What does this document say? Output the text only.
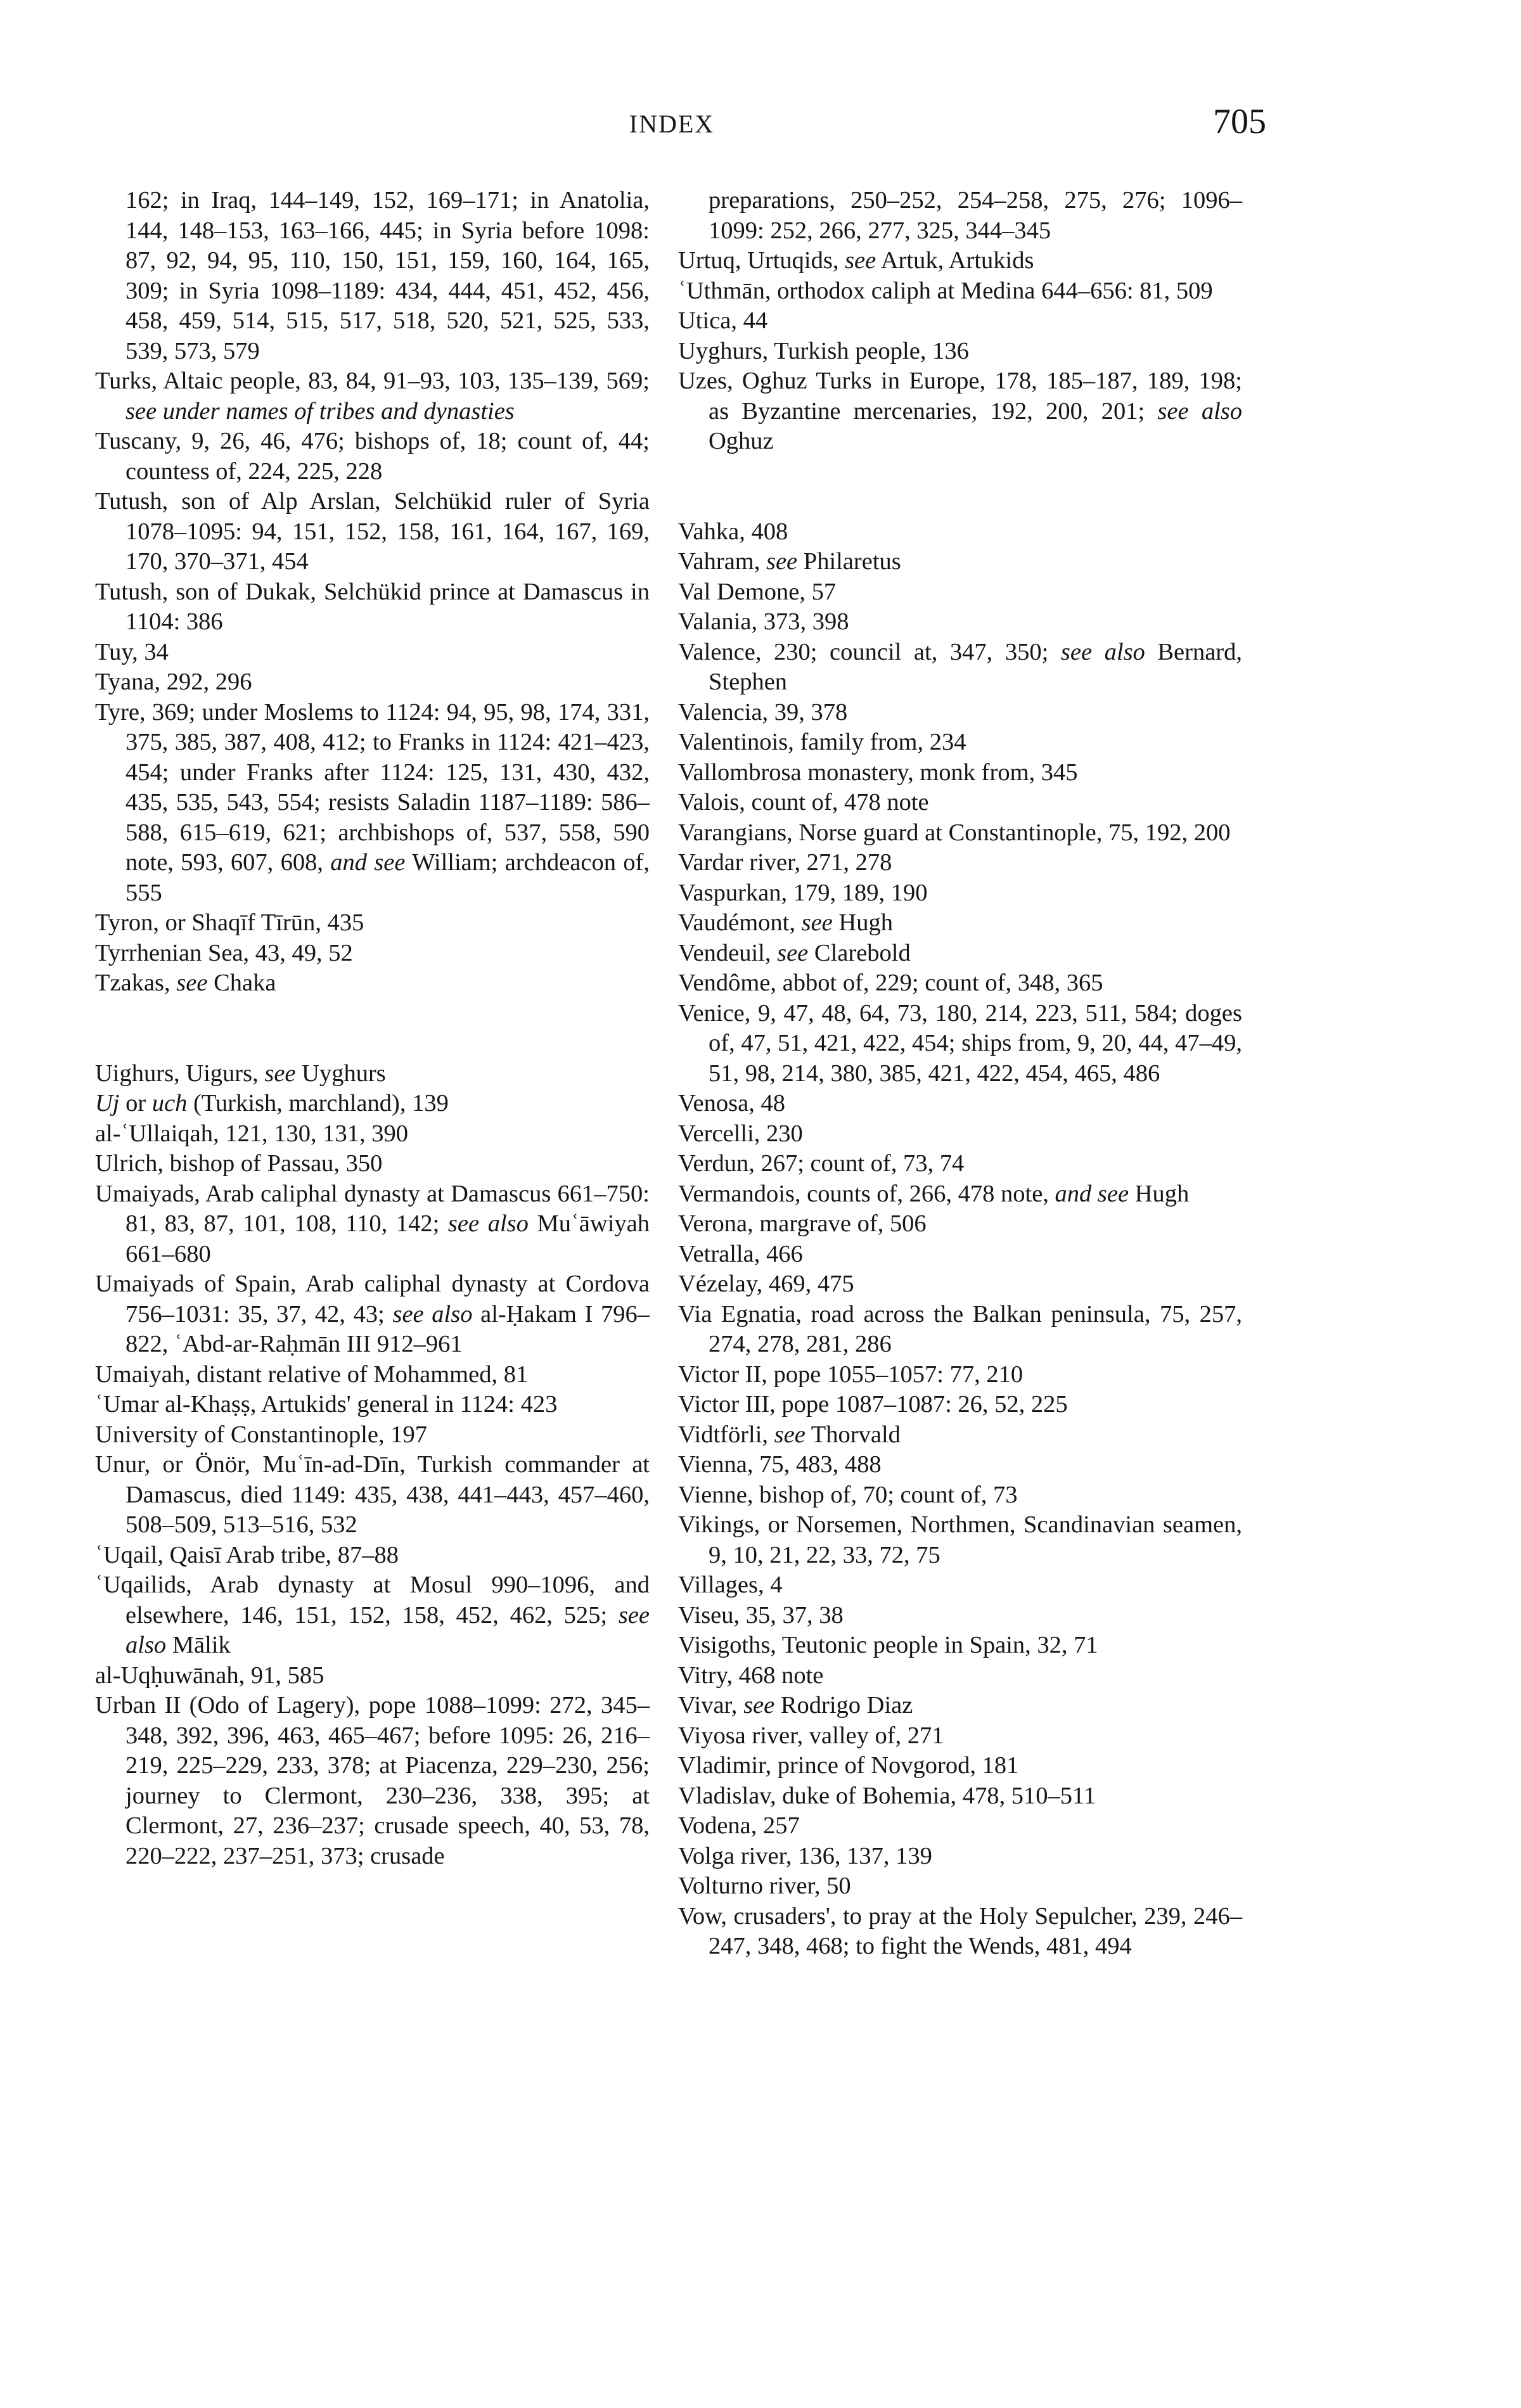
INDEX	705
162; in Iraq, 144–149, 152, 169–171; in Anatolia, 144, 148–153, 163–166, 445; in Syria before 1098: 87, 92, 94, 95, 110, 150, 151, 159, 160, 164, 165, 309; in Syria 1098–1189: 434, 444, 451, 452, 456, 458, 459, 514, 515, 517, 518, 520, 521, 525, 533, 539, 573, 579
Turks, Altaic people, 83, 84, 91–93, 103, 135–139, 569; see under names of tribes and dynasties
Tuscany, 9, 26, 46, 476; bishops of, 18; count of, 44; countess of, 224, 225, 228
Tutush, son of Alp Arslan, Selchükid ruler of Syria 1078–1095: 94, 151, 152, 158, 161, 164, 167, 169, 170, 370–371, 454
Tutush, son of Dukak, Selchükid prince at Damascus in 1104: 386
Tuy, 34
Tyana, 292, 296
Tyre, 369; under Moslems to 1124: 94, 95, 98, 174, 331, 375, 385, 387, 408, 412; to Franks in 1124: 421–423, 454; under Franks after 1124: 125, 131, 430, 432, 435, 535, 543, 554; resists Saladin 1187–1189: 586–588, 615–619, 621; archbishops of, 537, 558, 590 note, 593, 607, 608, and see William; archdeacon of, 555
Tyron, or Shaqīf Tīrūn, 435
Tyrrhenian Sea, 43, 49, 52
Tzakas, see Chaka
Uighurs, Uigurs, see Uyghurs
Uj or uch (Turkish, marchland), 139
al-ʿUllaiqah, 121, 130, 131, 390
Ulrich, bishop of Passau, 350
Umaiyads, Arab caliphal dynasty at Damascus 661–750: 81, 83, 87, 101, 108, 110, 142; see also Muʿāwiyah 661–680
Umaiyads of Spain, Arab caliphal dynasty at Cordova 756–1031: 35, 37, 42, 43; see also al-Ḥakam I 796–822, ʿAbd-ar-Raḥmān III 912–961
Umaiyah, distant relative of Mohammed, 81
ʿUmar al-Khaṣṣ, Artukids' general in 1124: 423
University of Constantinople, 197
Unur, or Önör, Muʿīn-ad-Dīn, Turkish commander at Damascus, died 1149: 435, 438, 441–443, 457–460, 508–509, 513–516, 532
ʿUqail, Qaisī Arab tribe, 87–88
ʿUqailids, Arab dynasty at Mosul 990–1096, and elsewhere, 146, 151, 152, 158, 452, 462, 525; see also Mālik
al-Uqḥuwānah, 91, 585
Urban II (Odo of Lagery), pope 1088–1099: 272, 345–348, 392, 396, 463, 465–467; before 1095: 26, 216–219, 225–229, 233, 378; at Piacenza, 229–230, 256; journey to Clermont, 230–236, 338, 395; at Clermont, 27, 236–237; crusade speech, 40, 53, 78, 220–222, 237–251, 373; crusade
preparations, 250–252, 254–258, 275, 276; 1096–1099: 252, 266, 277, 325, 344–345
Urtuq, Urtuqids, see Artuk, Artukids
ʿUthmān, orthodox caliph at Medina 644–656: 81, 509
Utica, 44
Uyghurs, Turkish people, 136
Uzes, Oghuz Turks in Europe, 178, 185–187, 189, 198; as Byzantine mercenaries, 192, 200, 201; see also Oghuz
Vahka, 408
Vahram, see Philaretus
Val Demone, 57
Valania, 373, 398
Valence, 230; council at, 347, 350; see also Bernard, Stephen
Valencia, 39, 378
Valentinois, family from, 234
Vallombrosa monastery, monk from, 345
Valois, count of, 478 note
Varangians, Norse guard at Constantinople, 75, 192, 200
Vardar river, 271, 278
Vaspurkan, 179, 189, 190
Vaudémont, see Hugh
Vendeuil, see Clarebold
Vendôme, abbot of, 229; count of, 348, 365
Venice, 9, 47, 48, 64, 73, 180, 214, 223, 511, 584; doges of, 47, 51, 421, 422, 454; ships from, 9, 20, 44, 47–49, 51, 98, 214, 380, 385, 421, 422, 454, 465, 486
Venosa, 48
Vercelli, 230
Verdun, 267; count of, 73, 74
Vermandois, counts of, 266, 478 note, and see Hugh
Verona, margrave of, 506
Vetralla, 466
Vézelay, 469, 475
Via Egnatia, road across the Balkan peninsula, 75, 257, 274, 278, 281, 286
Victor II, pope 1055–1057: 77, 210
Victor III, pope 1087–1087: 26, 52, 225
Vidtförli, see Thorvald
Vienna, 75, 483, 488
Vienne, bishop of, 70; count of, 73
Vikings, or Norsemen, Northmen, Scandinavian seamen, 9, 10, 21, 22, 33, 72, 75
Villages, 4
Viseu, 35, 37, 38
Visigoths, Teutonic people in Spain, 32, 71
Vitry, 468 note
Vivar, see Rodrigo Diaz
Viyosa river, valley of, 271
Vladimir, prince of Novgorod, 181
Vladislav, duke of Bohemia, 478, 510–511
Vodena, 257
Volga river, 136, 137, 139
Volturno river, 50
Vow, crusaders', to pray at the Holy Sepulcher, 239, 246–247, 348, 468; to fight the Wends, 481, 494
